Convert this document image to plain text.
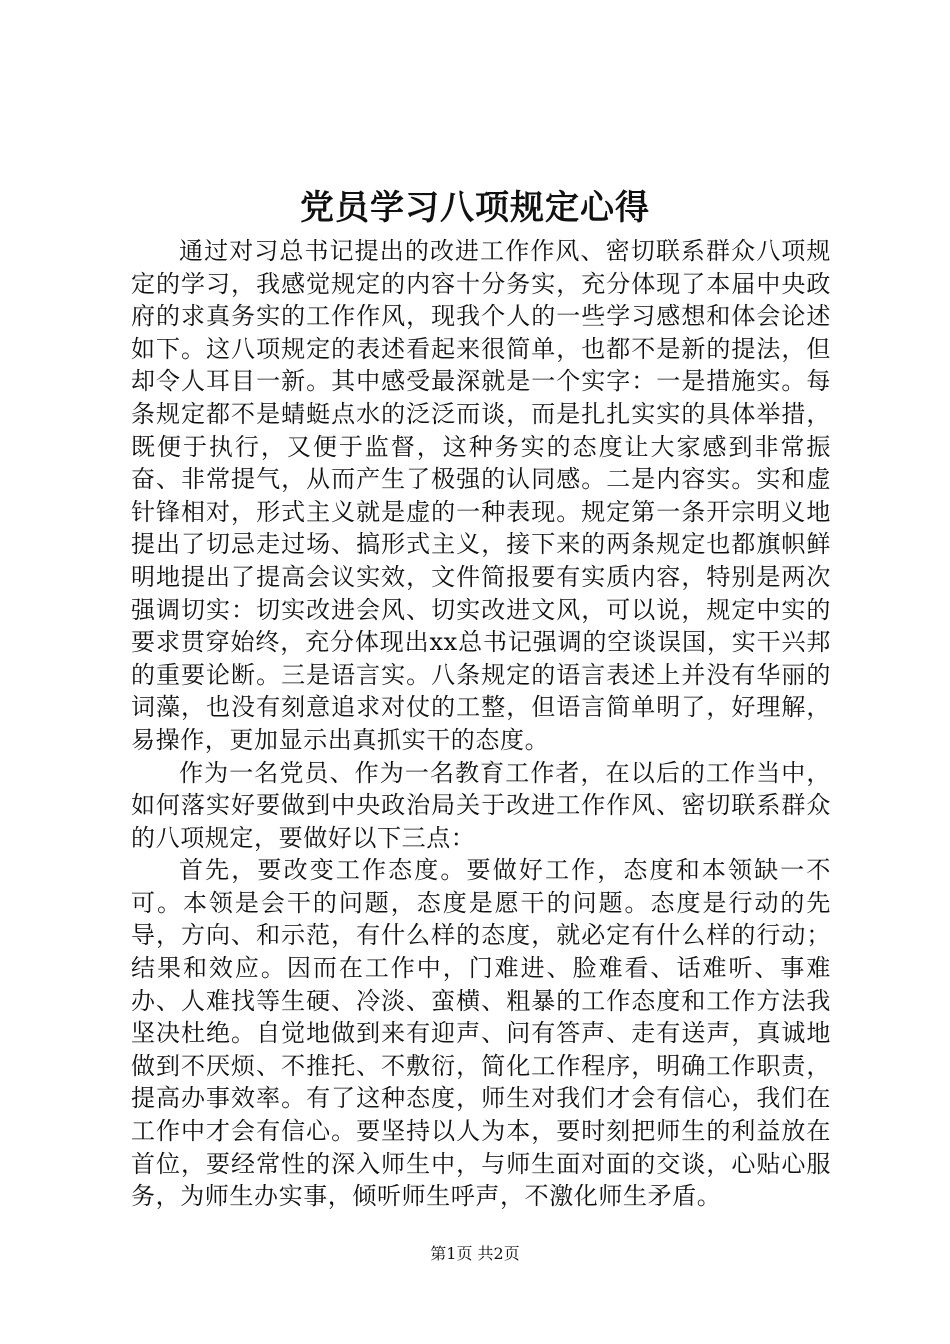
党员学习八项规定心得

通过对习总书记提出的改进工作作风、密切联系群众八项规定的学习，我感觉规定的内容十分务实，充分体现了本届中央政府的求真务实的工作作风，现我个人的一些学习感想和体会论述如下。这八项规定的表述看起来很简单，也都不是新的提法，但却令人耳目一新。其中感受最深就是一个实字：一是措施实。每条规定都不是蜻蜓点水的泛泛而谈，而是扎扎实实的具体举措，既便于执行，又便于监督，这种务实的态度让大家感到非常振奋、非常提气，从而产生了极强的认同感。二是内容实。实和虚针锋相对，形式主义就是虚的一种表现。规定第一条开宗明义地提出了切忌走过场、搞形式主义，接下来的两条规定也都旗帜鲜明地提出了提高会议实效，文件简报要有实质内容，特别是两次强调切实：切实改进会风、切实改进文风，可以说，规定中实的要求贯穿始终，充分体现出xx总书记强调的空谈误国，实干兴邦的重要论断。三是语言实。八条规定的语言表述上并没有华丽的词藻，也没有刻意追求对仗的工整，但语言简单明了，好理解，易操作，更加显示出真抓实干的态度。

作为一名党员、作为一名教育工作者，在以后的工作当中，如何落实好要做到中央政治局关于改进工作作风、密切联系群众的八项规定，要做好以下三点：

首先，要改变工作态度。要做好工作，态度和本领缺一不可。本领是会干的问题，态度是愿干的问题。态度是行动的先导，方向、和示范，有什么样的态度，就必定有什么样的行动；结果和效应。因而在工作中，门难进、脸难看、话难听、事难办、人难找等生硬、冷淡、蛮横、粗暴的工作态度和工作方法我坚决杜绝。自觉地做到来有迎声、问有答声、走有送声，真诚地做到不厌烦、不推托、不敷衍，简化工作程序，明确工作职责，提高办事效率。有了这种态度，师生对我们才会有信心，我们在工作中才会有信心。要坚持以人为本，要时刻把师生的利益放在首位，要经常性的深入师生中，与师生面对面的交谈，心贴心服务，为师生办实事，倾听师生呼声，不激化师生矛盾。

第1页 共2页
